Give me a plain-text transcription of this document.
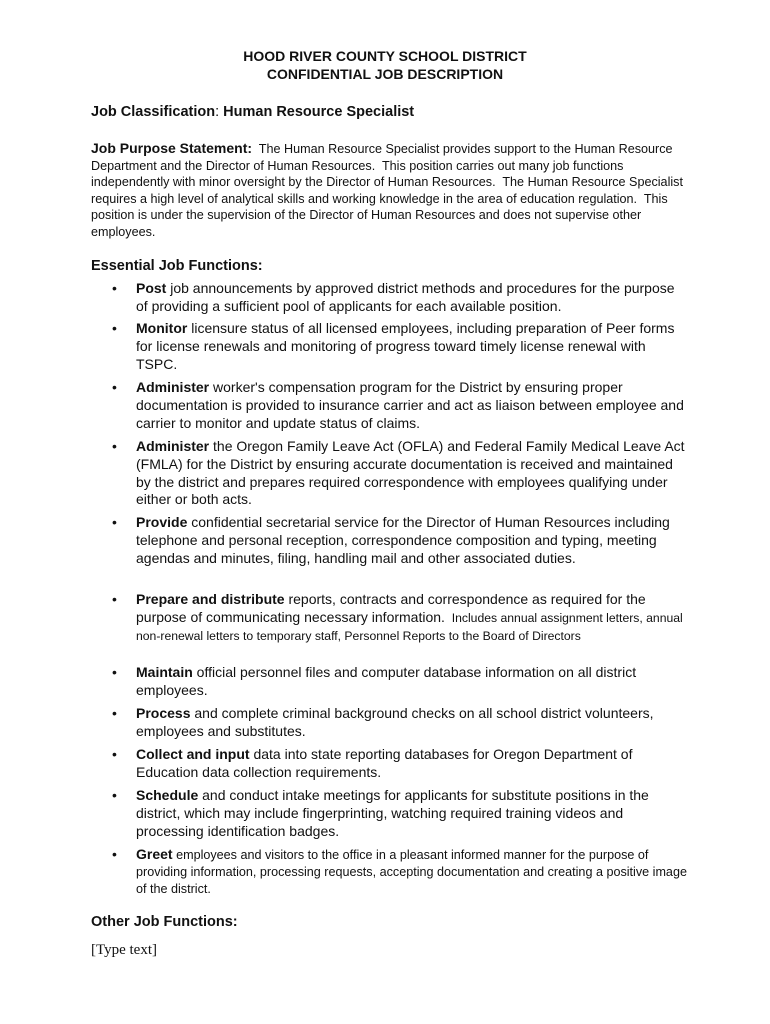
HOOD RIVER COUNTY SCHOOL DISTRICT
CONFIDENTIAL JOB DESCRIPTION
Job Classification: Human Resource Specialist
Job Purpose Statement:  The Human Resource Specialist provides support to the Human Resource Department and the Director of Human Resources.  This position carries out many job functions independently with minor oversight by the Director of Human Resources.  The Human Resource Specialist requires a high level of analytical skills and working knowledge in the area of education regulation.  This position is under the supervision of the Director of Human Resources and does not supervise other employees.
Essential Job Functions:
• Post job announcements by approved district methods and procedures for the purpose of providing a sufficient pool of applicants for each available position.
• Monitor licensure status of all licensed employees, including preparation of Peer forms for license renewals and monitoring of progress toward timely license renewal with TSPC.
• Administer worker's compensation program for the District by ensuring proper documentation is provided to insurance carrier and act as liaison between employee and carrier to monitor and update status of claims.
• Administer the Oregon Family Leave Act (OFLA) and Federal Family Medical Leave Act (FMLA) for the District by ensuring accurate documentation is received and maintained by the district and prepares required correspondence with employees qualifying under either or both acts.
• Provide confidential secretarial service for the Director of Human Resources including telephone and personal reception, correspondence composition and typing, meeting agendas and minutes, filing, handling mail and other associated duties.
• Prepare and distribute reports, contracts and correspondence as required for the purpose of communicating necessary information.  Includes annual assignment letters, annual non-renewal letters to temporary staff, Personnel Reports to the Board of Directors
• Maintain official personnel files and computer database information on all district employees.
• Process and complete criminal background checks on all school district volunteers, employees and substitutes.
• Collect and input data into state reporting databases for Oregon Department of Education data collection requirements.
• Schedule and conduct intake meetings for applicants for substitute positions in the district, which may include fingerprinting, watching required training videos and processing identification badges.
• Greet employees and visitors to the office in a pleasant informed manner for the purpose of providing information, processing requests, accepting documentation and creating a positive image of the district.
Other Job Functions:
[Type text]
